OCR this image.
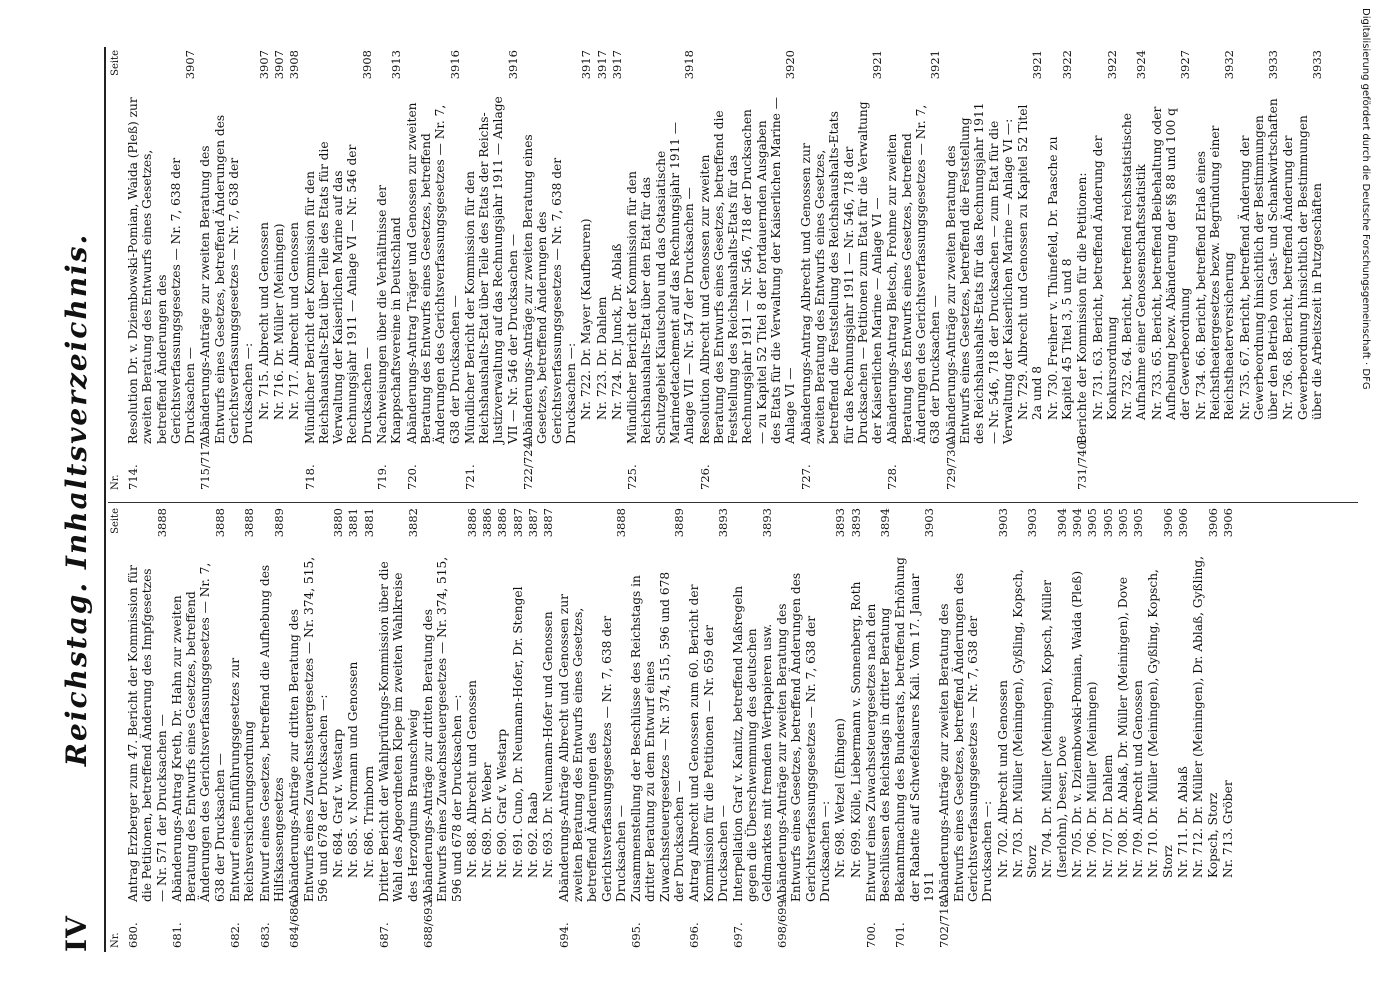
IV
Reichstag. Inhaltsverzeichnis.
Nr.
Seite
680.
Antrag Erzberger zum 47. Bericht der Kommission für die Petitionen, betreffend Änderung des Impfgesetzes — Nr. 571 der Drucksachen —
3888
681.
Abänderungs-Antrag Kreth, Dr. Hahn zur zweiten Beratung des Entwurfs eines Gesetzes, betreffend Änderungen des Gerichtsverfassungsgesetzes — Nr. 7, 638 der Drucksachen —
3888
682.
Entwurf eines Einführungsgesetzes zur Reichsversicherungsordnung
3888
683.
Entwurf eines Gesetzes, betreffend die Aufhebung des Hilfskassengesetzes
3889
684/686.
Abänderungs-Anträge zur dritten Beratung des Entwurfs eines Zuwachssteuergesetzes — Nr. 374, 515, 596 und 678 der Drucksachen —: Nr. 684. Graf v. Westarp
3880
Nr. 685. v. Normann und Genossen
3881
Nr. 686. Trimborn
3881
687.
Dritter Bericht der Wahlprüfungs-Kommission über die Wahl des Abgeordneten Klepe im zweiten Wahlkreise des Herzogtums Braunschweig
3882
688/693.
Abänderungs-Anträge zur dritten Beratung des Entwurfs eines Zuwachssteuergesetzes — Nr. 374, 515, 596 und 678 der Drucksachen —: Nr. 688. Albrecht und Genossen
3886
Nr. 689. Dr. Weber
3886
Nr. 690. Graf v. Westarp
3886
Nr. 691. Cuno, Dr. Neumann-Hofer, Dr. Stengel
3887
Nr. 692. Raab
3887
Nr. 693. Dr. Neumann-Hofer und Genossen
3887
694.
Abänderungs-Anträge Albrecht und Genossen zur zweiten Beratung des Entwurfs eines Gesetzes, betreffend Änderungen des Gerichtsverfassungsgesetzes — Nr. 7, 638 der Drucksachen —
3888
695.
Zusammenstellung der Beschlüsse des Reichstags in dritter Beratung zu dem Entwurf eines Zuwachssteuergesetzes — Nr. 374, 515, 596 und 678 der Drucksachen —
3889
696.
Antrag Albrecht und Genossen zum 60. Bericht der Kommission für die Petitionen — Nr. 659 der Drucksachen —
3893
697.
Interpellation Graf v. Kanitz, betreffend Maßregeln gegen die Überschwemmung des deutschen Geldmarktes mit fremden Wertpapieren usw.
3893
698/699.
Abänderungs-Anträge zur zweiten Beratung des Entwurfs eines Gesetzes, betreffend Änderungen des Gerichtsverfassungsgesetzes — Nr. 7, 638 der Drucksachen —: Nr. 698. Wetzel (Ehingen)
3893
Nr. 699. Kölle, Liebermann v. Sonnenberg, Roth
3893
700.
Entwurf eines Zuwachssteuergesetzes nach den Beschlüssen des Reichstags in dritter Beratung
3894
701.
Bekanntmachung des Bundesrats, betreffend Erhöhung der Rabatte auf Schwefelsaures Kali. Vom 17. Januar 1911
3903
702/718.
Abänderungs-Anträge zur zweiten Beratung des Entwurfs eines Gesetzes, betreffend Änderungen des Gerichtsverfassungsgesetzes — Nr. 7, 638 der Drucksachen —: Nr. 702. Albrecht und Genossen
3903
Nr. 703. Dr. Müller (Meiningen), Gyßling, Kopsch, Storz
3903
Nr. 704. Dr. Müller (Meiningen), Kopsch, Müller (Iserlohn), Deser, Dove
3904
Nr. 705. Dr. v. Dziembowski-Pomian, Waida (Pleß)
3904
Nr. 706. Dr. Müller (Meiningen)
3905
Nr. 707. Dr. Dahlem
3905
Nr. 708. Dr. Ablaß, Dr. Müller (Meiningen), Dove
3905
Nr. 709. Albrecht und Genossen
3905
Nr. 710. Dr. Müller (Meiningen), Gyßling, Kopsch, Storz
3906
Nr. 711. Dr. Ablaß
3906
Nr. 712. Dr. Müller (Meiningen), Dr. Ablaß, Gyßling, Kopsch, Storz
3906
Nr. 713. Gröber
3906
Nr.
Seite
714.
Resolution Dr. v. Dziembowski-Pomian, Waida (Pleß) zur zweiten Beratung des Entwurfs eines Gesetzes, betreffend Änderungen des Gerichtsverfassungsgesetzes — Nr. 7, 638 der Drucksachen —
3907
715/717.
Abänderungs-Anträge zur zweiten Beratung des Entwurfs eines Gesetzes, betreffend Änderungen des Gerichtsverfassungsgesetzes — Nr. 7, 638 der Drucksachen —: Nr. 715. Albrecht und Genossen
3907
Nr. 716. Dr. Müller (Meiningen)
3907
Nr. 717. Albrecht und Genossen
3908
718.
Mündlicher Bericht der Kommission für den Reichshaushalts-Etat über Teile des Etats für die Verwaltung der Kaiserlichen Marine auf das Rechnungsjahr 1911 — Anlage VI — Nr. 546 der Drucksachen —
3908
719.
Nachweisungen über die Verhältnisse der Knappschaftsvereine in Deutschland
3913
720.
Abänderungs-Antrag Träger und Genossen zur zweiten Beratung des Entwurfs eines Gesetzes, betreffend Änderungen des Gerichtsverfassungsgesetzes — Nr. 7, 638 der Drucksachen —
3916
721.
Mündlicher Bericht der Kommission für den Reichshaushalts-Etat über Teile des Etats der Reichs-Justizverwaltung auf das Rechnungsjahr 1911 — Anlage VII — Nr. 546 der Drucksachen —
3916
722/724.
Abänderungs-Anträge zur zweiten Beratung eines Gesetzes, betreffend Änderungen des Gerichtsverfassungsgesetzes — Nr. 7, 638 der Drucksachen —: Nr. 722. Dr. Mayer (Kaufbeuren)
3917
Nr. 723. Dr. Dahlem
3917
Nr. 724. Dr. Junck, Dr. Ablaß
3917
725.
Mündlicher Bericht der Kommission für den Reichshaushalts-Etat über den Etat für das Schutzgebiet Kiautschou und das Ostasiatische Marinedetachement auf das Rechnungsjahr 1911 — Anlage VII — Nr. 547 der Drucksachen —
3918
726.
Resolution Albrecht und Genossen zur zweiten Beratung des Entwurfs eines Gesetzes, betreffend die Feststellung des Reichshaushalts-Etats für das Rechnungsjahr 1911 — Nr. 546, 718 der Drucksachen — zu Kapitel 52 Titel 8 der fortdauernden Ausgaben des Etats für die Verwaltung der Kaiserlichen Marine — Anlage VI —
3920
727.
Abänderungs-Antrag Albrecht und Genossen zur zweiten Beratung des Entwurfs eines Gesetzes, betreffend die Feststellung des Reichshaushalts-Etats für das Rechnungsjahr 1911 — Nr. 546, 718 der Drucksachen — Petitionen zum Etat für die Verwaltung der Kaiserlichen Marine — Anlage VI —
3921
728.
Abänderungs-Antrag Bietsch, Frohme zur zweiten Beratung des Entwurfs eines Gesetzes, betreffend Änderungen des Gerichtsverfassungsgesetzes — Nr. 7, 638 der Drucksachen —
3921
729/730.
Abänderungs-Anträge zur zweiten Beratung des Entwurfs eines Gesetzes, betreffend die Feststellung des Reichshaushalts-Etats für das Rechnungsjahr 1911 — Nr. 546, 718 der Drucksachen — zum Etat für die Verwaltung der Kaiserlichen Marine — Anlage VI —: Nr. 729. Albrecht und Genossen zu Kapitel 52 Titel 2a und 8
3921
Nr. 730. Freiherr v. Thünefeld, Dr. Paasche zu Kapitel 45 Titel 3, 5 und 8
3922
731/740.
Berichte der Kommission für die Petitionen: Nr. 731. 63. Bericht, betreffend Änderung der Konkursordnung
3922
Nr. 732. 64. Bericht, betreffend reichsstatistische Aufnahme einer Genossenschaftsstatistik
3924
Nr. 733. 65. Bericht, betreffend Beibehaltung oder Aufhebung bezw. Abänderung der §§ 88 und 100 q der Gewerbeordnung
3927
Nr. 734. 66. Bericht, betreffend Erlaß eines Reichstheatergesetzes bezw. Begründung einer Reichstheaterversicherung
3932
Nr. 735. 67. Bericht, betreffend Änderung der Gewerbeordnung hinsichtlich der Bestimmungen über den Betrieb von Gast- und Schankwirtschaften
3933
Nr. 736. 68. Bericht, betreffend Änderung der Gewerbeordnung hinsichtlich der Bestimmungen über die Arbeitszeit in Putzgeschäften
3933	Digitalisierung gefördert durch die Deutsche Forschungsgemeinschaft · DFG
